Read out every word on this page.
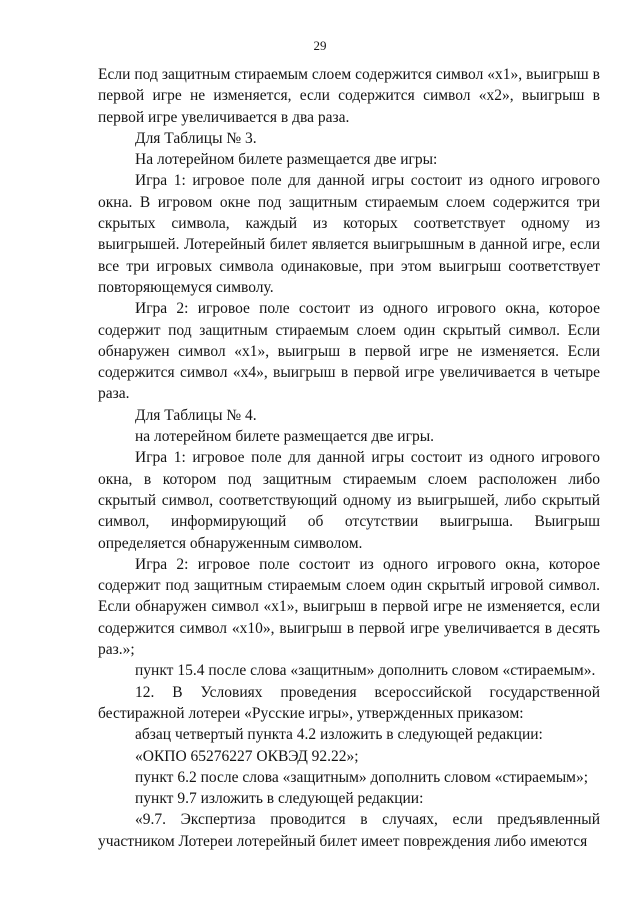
29

Если под защитным стираемым слоем содержится символ «x1», выигрыш в первой игре не изменяется, если содержится символ «x2», выигрыш в первой игре увеличивается в два раза.

Для Таблицы № 3.

На лотерейном билете размещается две игры:

Игра 1: игровое поле для данной игры состоит из одного игрового окна. В игровом окне под защитным стираемым слоем содержится три скрытых символа, каждый из которых соответствует одному из выигрышей. Лотерейный билет является выигрышным в данной игре, если все три игровых символа одинаковые, при этом выигрыш соответствует повторяющемуся символу.

Игра 2: игровое поле состоит из одного игрового окна, которое содержит под защитным стираемым слоем один скрытый символ. Если обнаружен символ «x1», выигрыш в первой игре не изменяется. Если содержится символ «x4», выигрыш в первой игре увеличивается в четыре раза.

Для Таблицы № 4.

на лотерейном билете размещается две игры.

Игра 1: игровое поле для данной игры состоит из одного игрового окна, в котором под защитным стираемым слоем расположен либо скрытый символ, соответствующий одному из выигрышей, либо скрытый символ, информирующий об отсутствии выигрыша. Выигрыш определяется обнаруженным символом.

Игра 2: игровое поле состоит из одного игрового окна, которое содержит под защитным стираемым слоем один скрытый игровой символ. Если обнаружен символ «x1», выигрыш в первой игре не изменяется, если содержится символ «x10», выигрыш в первой игре увеличивается в десять раз.»;

пункт 15.4 после слова «защитным» дополнить словом «стираемым».

12. В Условиях проведения всероссийской государственной бестиражной лотереи «Русские игры», утвержденных приказом:

абзац четвертый пункта 4.2 изложить в следующей редакции:

«ОКПО 65276227 ОКВЭД 92.22»;

пункт 6.2 после слова «защитным» дополнить словом «стираемым»;

пункт 9.7 изложить в следующей редакции:

«9.7. Экспертиза проводится в случаях, если предъявленный участником Лотереи лотерейный билет имеет повреждения либо имеются
